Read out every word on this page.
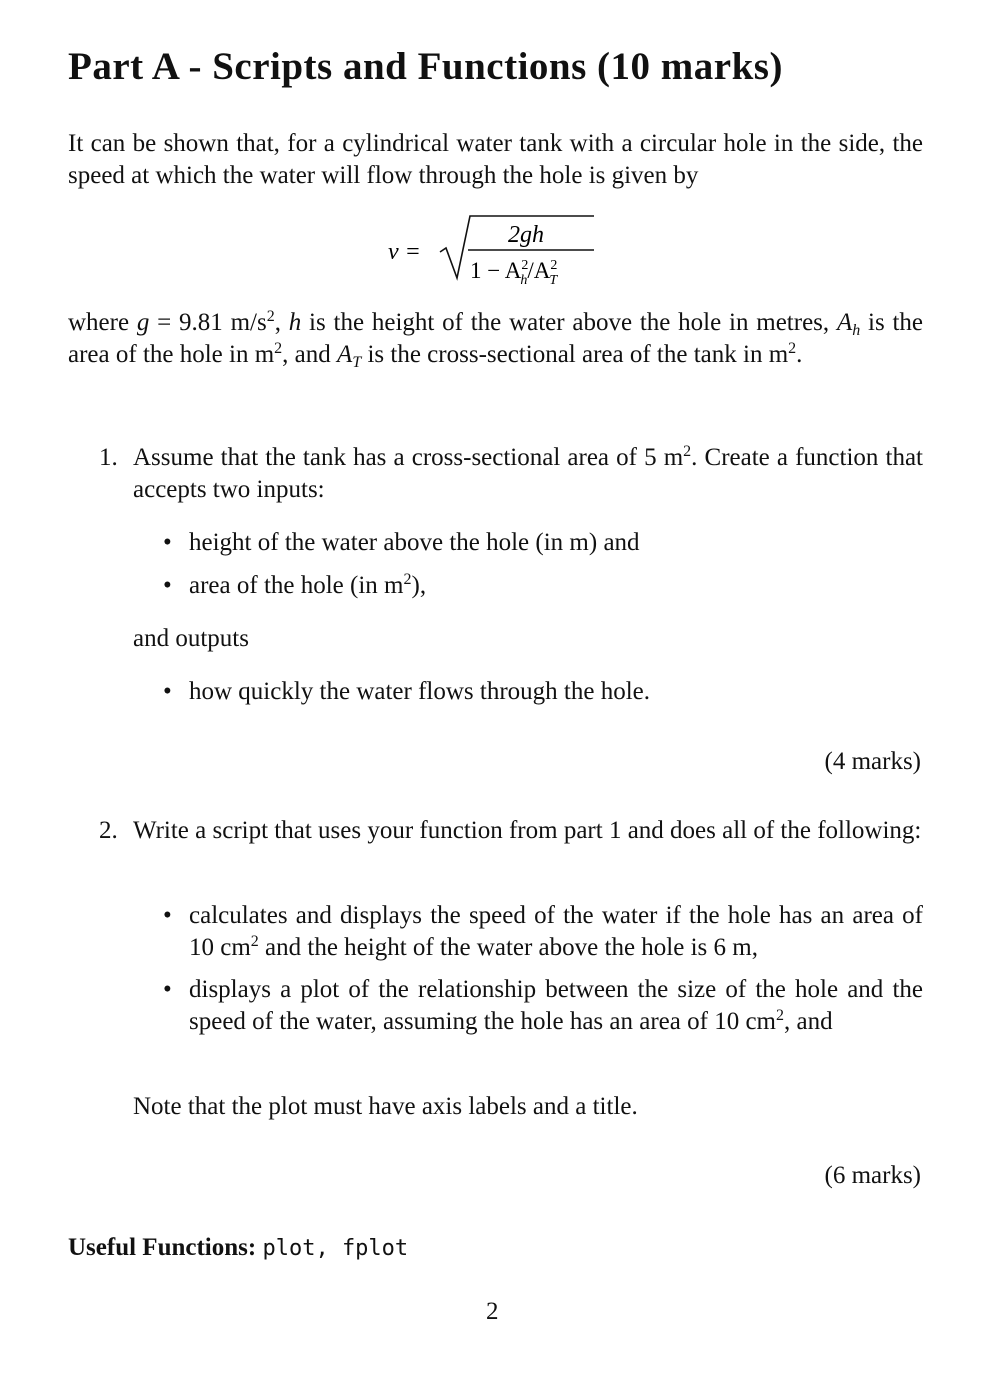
Part A - Scripts and Functions (10 marks)

It can be shown that, for a cylindrical water tank with a circular hole in the side, the speed at which the water will flow through the hole is given by

v =
2gh
$1 - A^2$ $h/A^2$ T

where g = 9.81 $m/s^2$, h is the height of the water above the hole in metres, $A_h$ is the area of the hole in $m^2$, and $A_T$ is the cross-sectional area of the tank in $m^2$.

1. Assume that the tank has a cross-sectional area of 5 $m^2$. Create a function that accepts two inputs:

• height of the water above the hole (in m) and

• area of the hole (in $m^2$),

and outputs

• how quickly the water flows through the hole.

(4 marks)
2. Write a script that uses your function from part 1 and does all of the following:

• calculates and displays the speed of the water if the hole has an area of 10 $cm^2$ and the height of the water above the hole is 6 m,

• displays a plot of the relationship between the size of the hole and the speed of the water, assuming the hole has an area of 10 $cm^2$, and

Note that the plot must have axis labels and a title.

(6 marks)
Useful Functions: plot, fplot
2
